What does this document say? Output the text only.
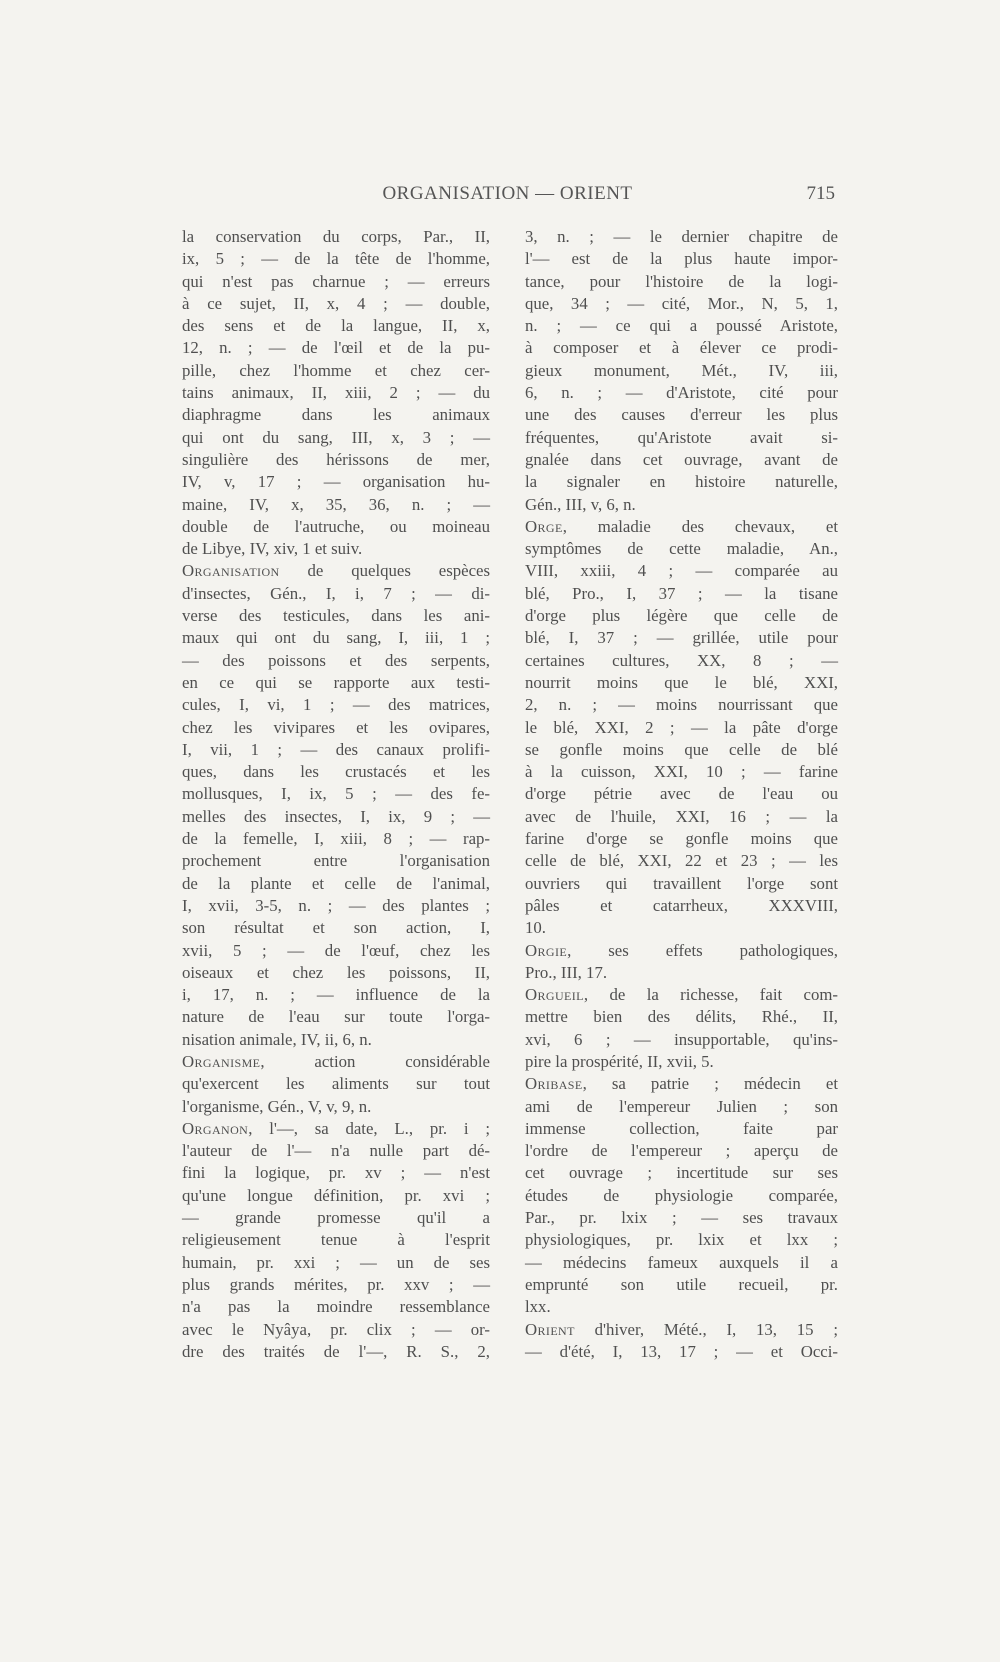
ORGANISATION — ORIENT	715

la conservation du corps, Par., II,
ix, 5 ; — de la tête de l'homme,
qui n'est pas charnue ; — erreurs
à ce sujet, II, x, 4 ; — double,
des sens et de la langue, II, x,
12, n. ; — de l'œil et de la pu-
pille, chez l'homme et chez cer-
tains animaux, II, xiii, 2 ; — du
diaphragme dans les animaux
qui ont du sang, III, x, 3 ; —
singulière des hérissons de mer,
IV, v, 17 ; — organisation hu-
maine, IV, x, 35, 36, n. ; —
double de l'autruche, ou moineau
de Libye, IV, xiv, 1 et suiv.

Organisation de quelques espèces
d'insectes, Gén., I, i, 7 ; — di-
verse des testicules, dans les ani-
maux qui ont du sang, I, iii, 1 ;
— des poissons et des serpents,
en ce qui se rapporte aux testi-
cules, I, vi, 1 ; — des matrices,
chez les vivipares et les ovipares,
I, vii, 1 ; — des canaux prolifi-
ques, dans les crustacés et les
mollusques, I, ix, 5 ; — des fe-
melles des insectes, I, ix, 9 ; —
de la femelle, I, xiii, 8 ; — rap-
prochement entre l'organisation
de la plante et celle de l'animal,
I, xvii, 3-5, n. ; — des plantes ;
son résultat et son action, I,
xvii, 5 ; — de l'œuf, chez les
oiseaux et chez les poissons, II,
i, 17, n. ; — influence de la
nature de l'eau sur toute l'orga-
nisation animale, IV, ii, 6, n.

Organisme, action considérable
qu'exercent les aliments sur tout
l'organisme, Gén., V, v, 9, n.

Organon, l'—, sa date, L., pr. i ;
l'auteur de l'— n'a nulle part dé-
fini la logique, pr. xv ; — n'est
qu'une longue définition, pr. xvi ;
— grande promesse qu'il a
religieusement tenue à l'esprit
humain, pr. xxi ; — un de ses
plus grands mérites, pr. xxv ; —
n'a pas la moindre ressemblance
avec le Nyâya, pr. clix ; — or-
dre des traités de l'—, R. S., 2,

3, n. ; — le dernier chapitre de
l'— est de la plus haute impor-
tance, pour l'histoire de la logi-
que, 34 ; — cité, Mor., N, 5, 1,
n. ; — ce qui a poussé Aristote,
à composer et à élever ce prodi-
gieux monument, Mét., IV, iii,
6, n. ; — d'Aristote, cité pour
une des causes d'erreur les plus
fréquentes, qu'Aristote avait si-
gnalée dans cet ouvrage, avant de
la signaler en histoire naturelle,
Gén., III, v, 6, n.

Orge, maladie des chevaux, et
symptômes de cette maladie, An.,
VIII, xxiii, 4 ; — comparée au
blé, Pro., I, 37 ; — la tisane
d'orge plus légère que celle de
blé, I, 37 ; — grillée, utile pour
certaines cultures, XX, 8 ; —
nourrit moins que le blé, XXI,
2, n. ; — moins nourrissant que
le blé, XXI, 2 ; — la pâte d'orge
se gonfle moins que celle de blé
à la cuisson, XXI, 10 ; — farine
d'orge pétrie avec de l'eau ou
avec de l'huile, XXI, 16 ; — la
farine d'orge se gonfle moins que
celle de blé, XXI, 22 et 23 ; — les
ouvriers qui travaillent l'orge sont
pâles et catarrheux, XXXVIII,
10.

Orgie, ses effets pathologiques,
Pro., III, 17.

Orgueil, de la richesse, fait com-
mettre bien des délits, Rhé., II,
xvi, 6 ; — insupportable, qu'ins-
pire la prospérité, II, xvii, 5.

Oribase, sa patrie ; médecin et
ami de l'empereur Julien ; son
immense collection, faite par
l'ordre de l'empereur ; aperçu de
cet ouvrage ; incertitude sur ses
études de physiologie comparée,
Par., pr. lxix ; — ses travaux
physiologiques, pr. lxix et lxx ;
— médecins fameux auxquels il a
emprunté son utile recueil, pr.
lxx.

Orient d'hiver, Mété., I, 13, 15 ;
— d'été, I, 13, 17 ; — et Occi-
